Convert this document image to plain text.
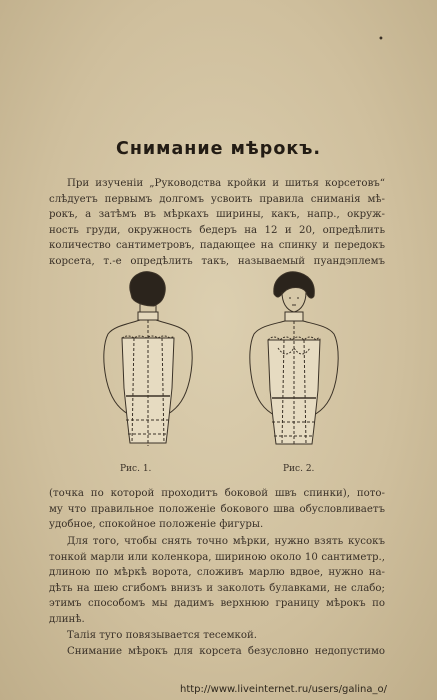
•
Снимание мѣрокъ.
При изученіи „Руководства кройки и шитья корсетовъ“
слѣдуетъ первымъ долгомъ усвоить правила сниманія мѣ-
рокъ, а затѣмъ въ мѣркахъ ширины, какъ, напр., окруж-
ность груди, окружность бедеръ на 12 и 20, опредѣлить
количество сантиметровъ, падающее на спинку и передокъ
корсета, т.-е опредѣлить такъ, называемый пуандэплемъ
Рис. 1.	Рис. 2.
(точка по которой проходитъ боковой швъ спинки), пото-
му что правильное положеніе бокового шва обусловливаетъ
удобное, спокойное положеніе фигуры.
Для того, чтобы снять точно мѣрки, нужно взять кусокъ
тонкой марли или коленкора, шириною около 10 сантиметр.,
длиною по мѣркѣ ворота, сложивъ марлю вдвое, нужно на-
дѣть на шею сгибомъ внизъ и заколоть булавками, не слабо;
этимъ способомъ мы дадимъ верхнюю границу мѣрокъ по
длинѣ.
Талія туго повязывается тесемкой.
Снимание мѣрокъ для корсета безусловно недопустимо
http://www.liveinternet.ru/users/galina_o/
